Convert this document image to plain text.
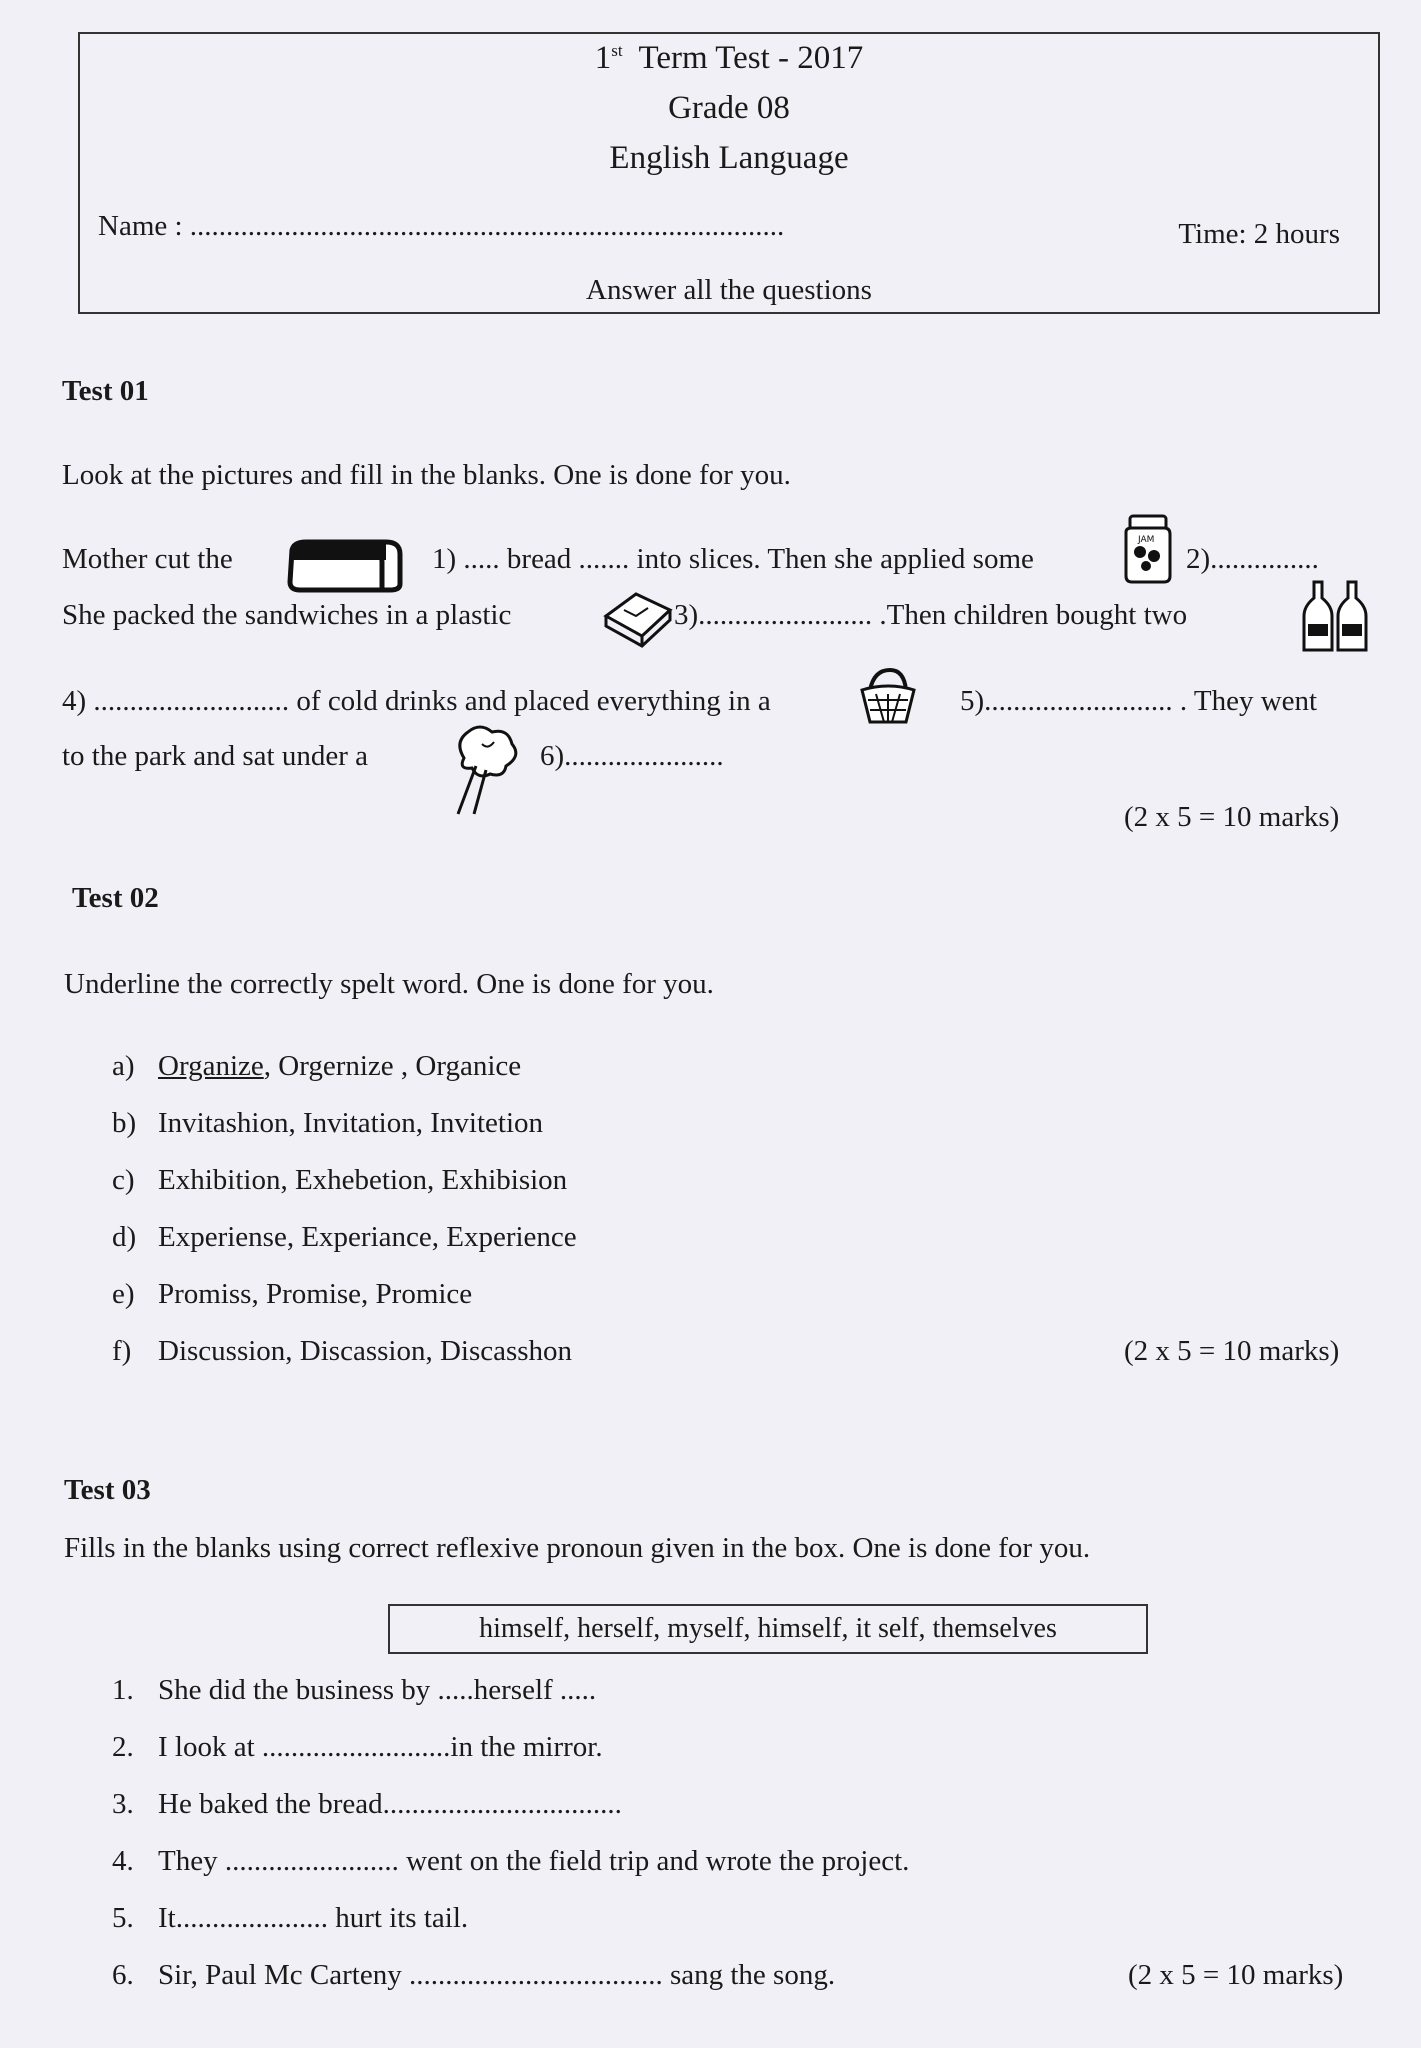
1st Term Test - 2017
Grade 08
English Language
Name : ..................................................................................	Time: 2 hours
Answer all the questions
Test 01
Look at the pictures and fill in the blanks. One is done for you.
Mother cut the	1) ..... bread ....... into slices. Then she applied some
JAM
2)...............
She packed the sandwiches in a plastic	3)........................ .Then children bought two
4) ........................... of cold drinks and placed everything in a	5).......................... . They went
to the park and sat under a	6)......................
(2 x 5 = 10 marks)
Test 02
Underline the correctly spelt word. One is done for you.
a) Organize, Orgernize , Organice
b) Invitashion, Invitation, Invitetion
c) Exhibition, Exhebetion, Exhibision
d) Experiense, Experiance, Experience
e) Promiss, Promise, Promice
f) Discussion, Discassion, Discasshon	(2 x 5 = 10 marks)
Test 03
Fills in the blanks using correct reflexive pronoun given in the box. One is done for you.
himself, herself, myself, himself, it self, themselves
1. She did the business by .....herself .....
2. I look at ..........................in the mirror.
3. He baked the bread.................................
4. They ........................ went on the field trip and wrote the project.
5. It..................... hurt its tail.
6. Sir, Paul Mc Carteny ................................... sang the song.	(2 x 5 = 10 marks)
